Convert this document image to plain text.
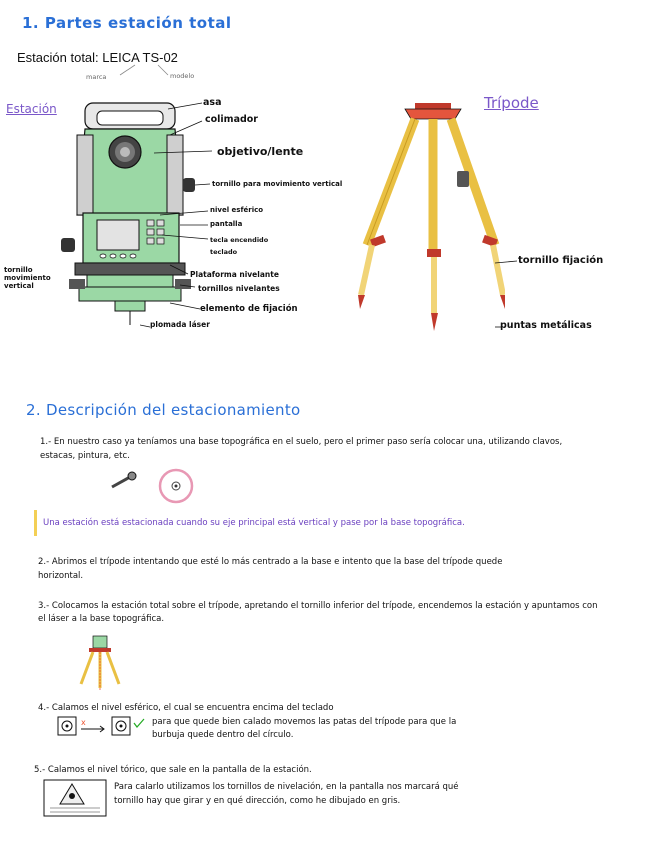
1. Partes estación total
Estación total: LEICA TS-02
marca	modelo
Estación	asa
colimador
objetivo/lente
tornillo para movimiento vertical
nivel esférico
pantalla
tecla encendido
teclado
tornillo movimiento vertical
Plataforma nivelante
tornillos nivelantes
elemento de fijación
plomada láser
Trípode
tornillo fijación
puntas metálicas
2. Descripción del estacionamiento
1.- En nuestro caso ya teníamos una base topográfica en el suelo, pero el primer paso sería colocar una, utilizando clavos, estacas, pintura, etc.
Una estación está estacionada cuando su eje principal está vertical y pase por la base topográfica.
2.- Abrimos el trípode intentando que esté lo más centrado a la base e intento que la base del trípode quede horizontal.
3.- Colocamos la estación total sobre el trípode, apretando el tornillo inferior del trípode, encendemos la estación y apuntamos con el láser a la base topográfica.
4.- Calamos el nivel esférico, el cual se encuentra encima del teclado
x	para que quede bien calado movemos las patas del trípode para que la burbuja quede dentro del círculo.
5.- Calamos el nivel tórico, que sale en la pantalla de la estación.
Para calarlo utilizamos los tornillos de nivelación, en la pantalla nos marcará qué tornillo hay que girar y en qué dirección, como he dibujado en gris.
